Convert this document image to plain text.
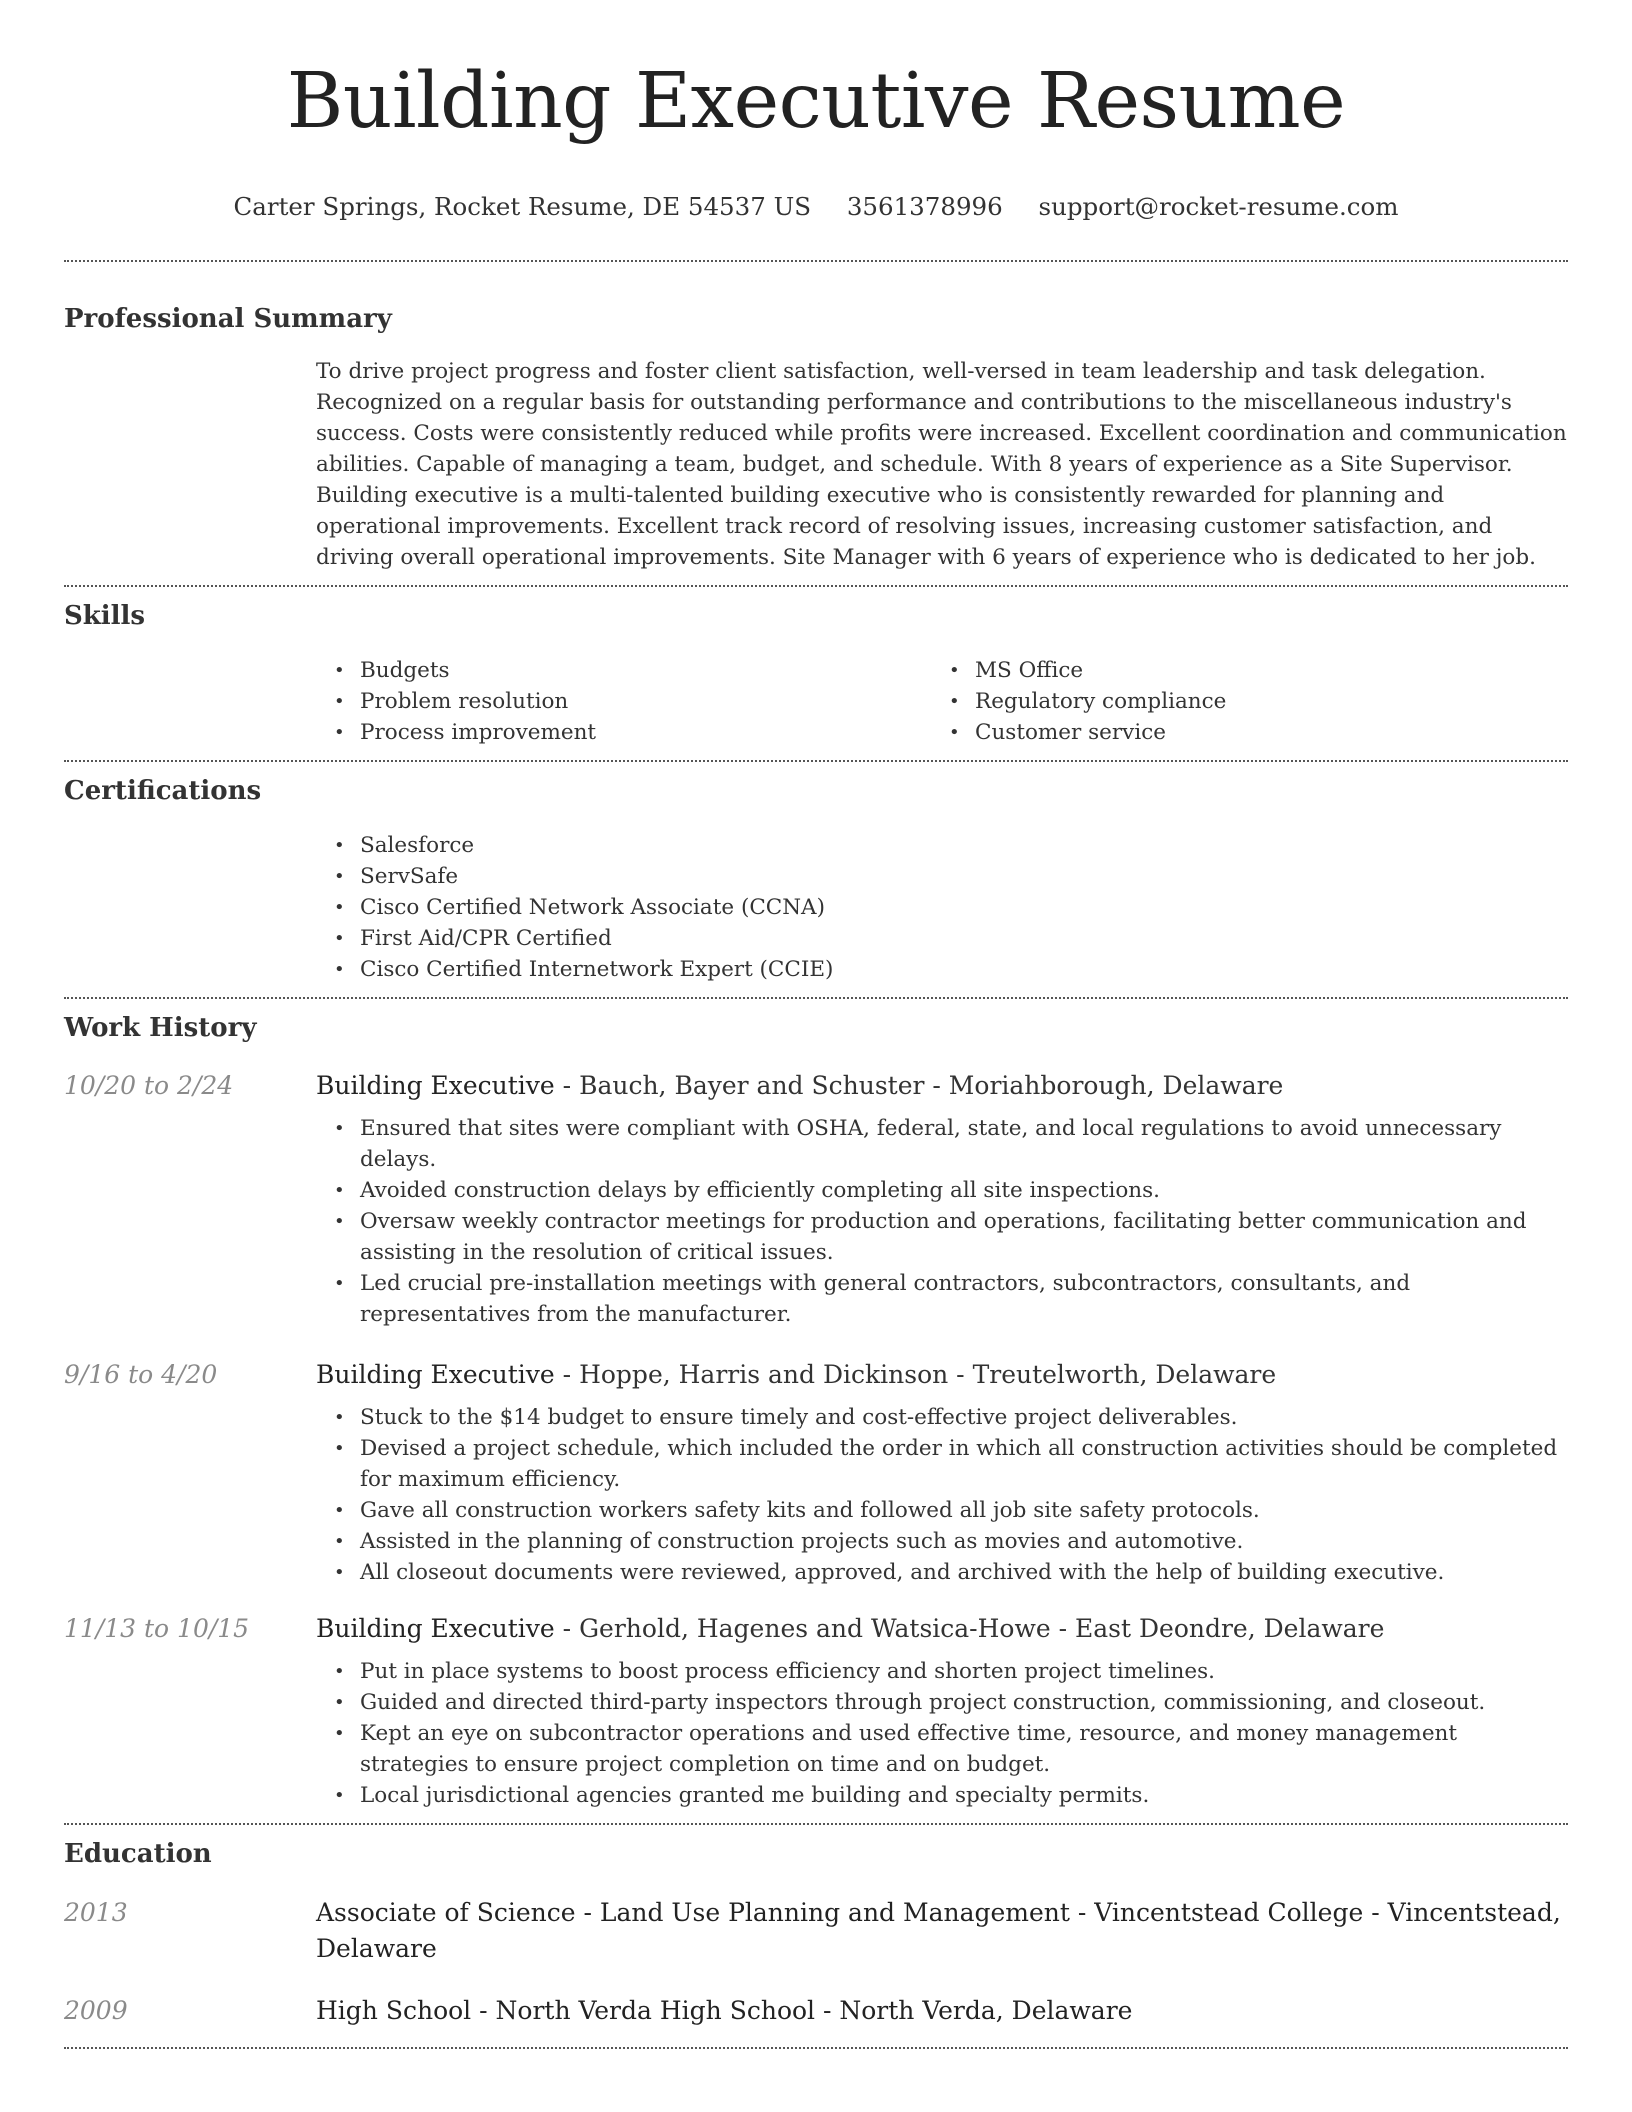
Building Executive Resume
Carter Springs, Rocket Resume, DE 54537 US 3561378996 support@rocket-resume.com
Professional Summary

To drive project progress and foster client satisfaction, well-versed in team leadership and task delegation. Recognized on a regular basis for outstanding performance and contributions to the miscellaneous industry's success. Costs were consistently reduced while profits were increased. Excellent coordination and communication abilities. Capable of managing a team, budget, and schedule. With 8 years of experience as a Site Supervisor. Building executive is a multi-talented building executive who is consistently rewarded for planning and operational improvements. Excellent track record of resolving issues, increasing customer satisfaction, and driving overall operational improvements. Site Manager with 6 years of experience who is dedicated to her job.

Skills
• Budgets
• Problem resolution
• Process improvement
• MS Office
• Regulatory compliance
• Customer service
Certifications
• Salesforce
• ServSafe
• Cisco Certified Network Associate (CCNA)
• First Aid/CPR Certified
• Cisco Certified Internetwork Expert (CCIE)
Work History
10/20 to 2/24	Building Executive - Bauch, Bayer and Schuster - Moriahborough, Delaware
• Ensured that sites were compliant with OSHA, federal, state, and local regulations to avoid unnecessary delays.
• Avoided construction delays by efficiently completing all site inspections.
• Oversaw weekly contractor meetings for production and operations, facilitating better communication and assisting in the resolution of critical issues.
• Led crucial pre-installation meetings with general contractors, subcontractors, consultants, and representatives from the manufacturer.
9/16 to 4/20	Building Executive - Hoppe, Harris and Dickinson - Treutelworth, Delaware
• Stuck to the $14 budget to ensure timely and cost-effective project deliverables.
• Devised a project schedule, which included the order in which all construction activities should be completed for maximum efficiency.
• Gave all construction workers safety kits and followed all job site safety protocols.
• Assisted in the planning of construction projects such as movies and automotive.
• All closeout documents were reviewed, approved, and archived with the help of building executive.
11/13 to 10/15	Building Executive - Gerhold, Hagenes and Watsica-Howe - East Deondre, Delaware
• Put in place systems to boost process efficiency and shorten project timelines.
• Guided and directed third-party inspectors through project construction, commissioning, and closeout.
• Kept an eye on subcontractor operations and used effective time, resource, and money management strategies to ensure project completion on time and on budget.
• Local jurisdictional agencies granted me building and specialty permits.
Education
2013	Associate of Science - Land Use Planning and Management - Vincentstead College - Vincentstead, Delaware
2009	High School - North Verda High School - North Verda, Delaware
